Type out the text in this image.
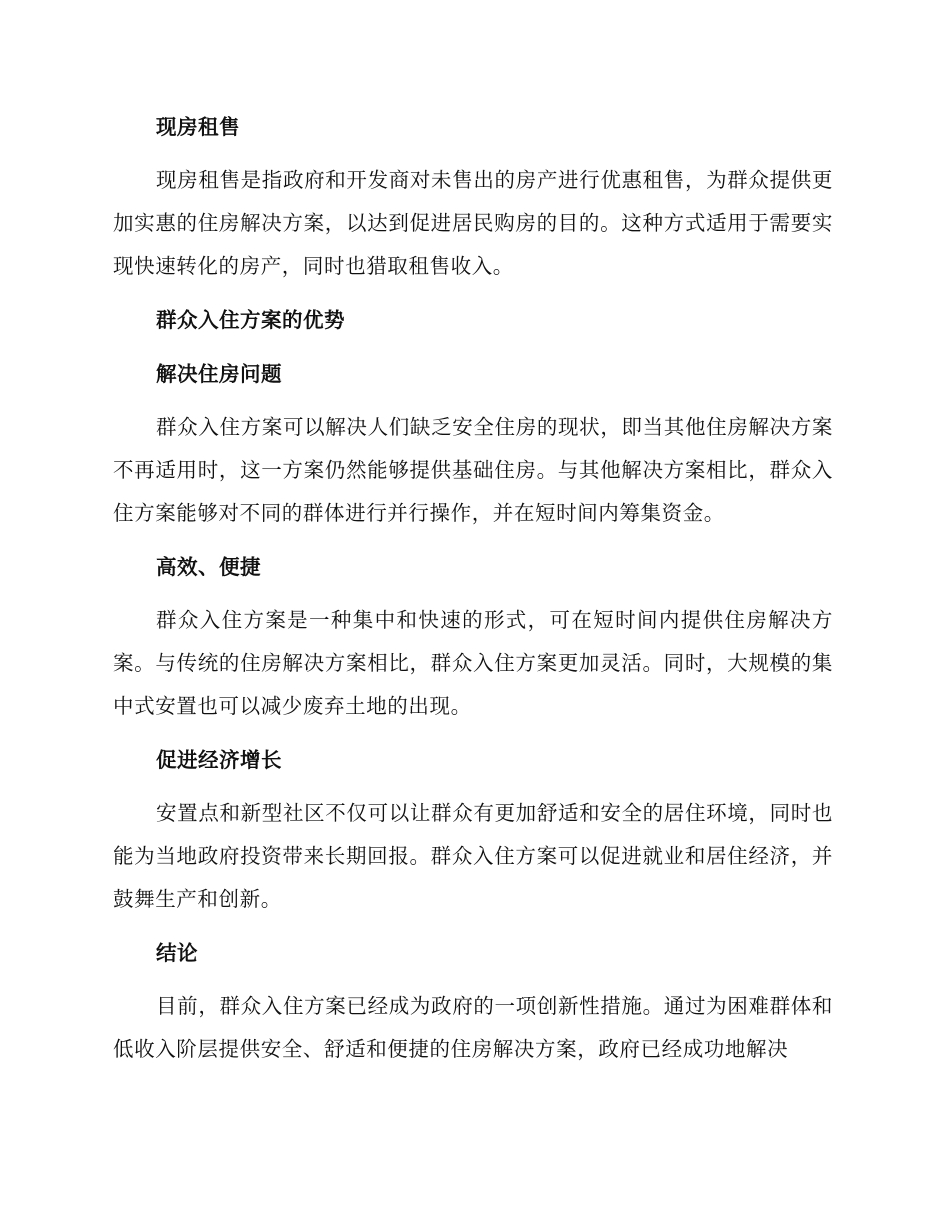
现房租售

现房租售是指政府和开发商对未售出的房产进行优惠租售，为群众提供更加实惠的住房解决方案，以达到促进居民购房的目的。这种方式适用于需要实现快速转化的房产，同时也猎取租售收入。

群众入住方案的优势
解决住房问题

群众入住方案可以解决人们缺乏安全住房的现状，即当其他住房解决方案不再适用时，这一方案仍然能够提供基础住房。与其他解决方案相比，群众入住方案能够对不同的群体进行并行操作，并在短时间内筹集资金。

高效、便捷

群众入住方案是一种集中和快速的形式，可在短时间内提供住房解决方案。与传统的住房解决方案相比，群众入住方案更加灵活。同时，大规模的集中式安置也可以减少废弃土地的出现。

促进经济增长

安置点和新型社区不仅可以让群众有更加舒适和安全的居住环境，同时也能为当地政府投资带来长期回报。群众入住方案可以促进就业和居住经济，并鼓舞生产和创新。

结论

目前，群众入住方案已经成为政府的一项创新性措施。通过为困难群体和低收入阶层提供安全、舒适和便捷的住房解决方案，政府已经成功地解决
